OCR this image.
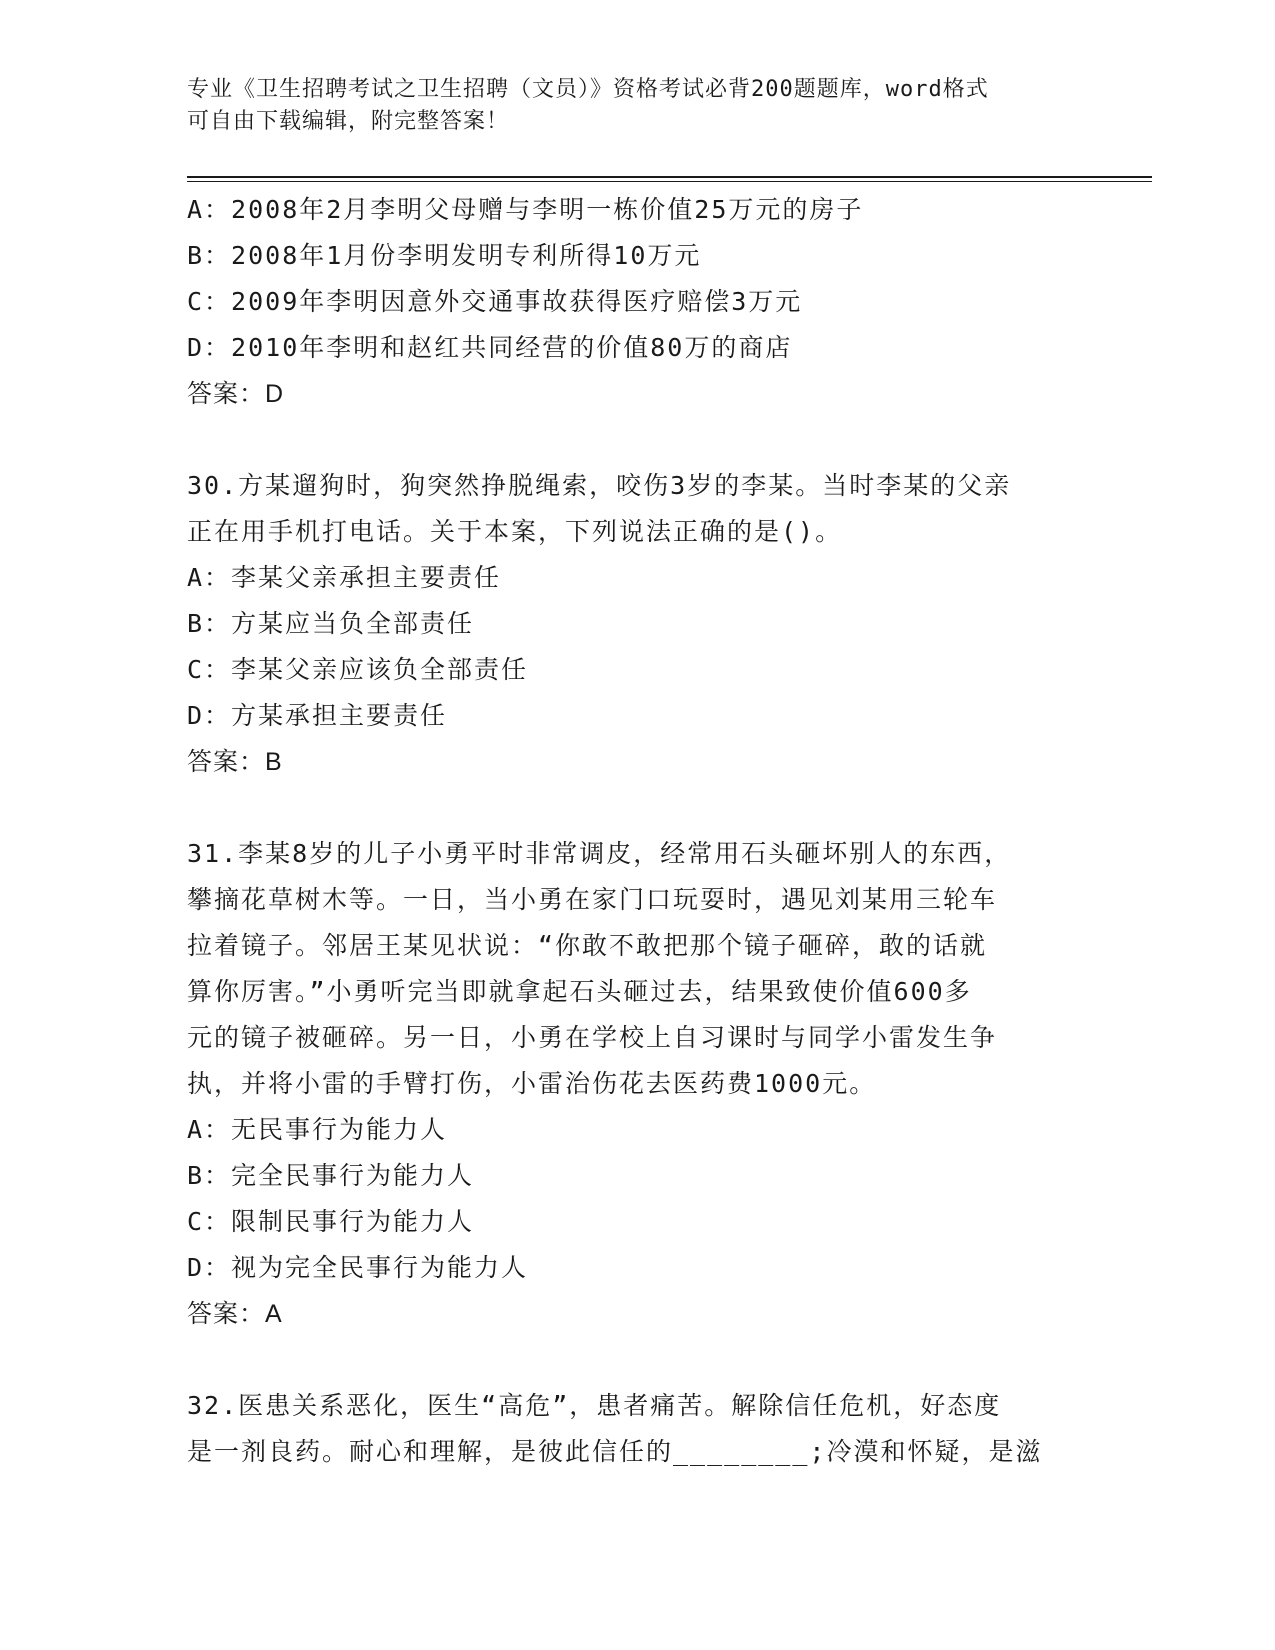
专业《卫生招聘考试之卫生招聘（文员）》资格考试必背200题题库，word格式
可自由下载编辑，附完整答案！
A：2008年2月李明父母赠与李明一栋价值25万元的房子
B：2008年1月份李明发明专利所得10万元
C：2009年李明因意外交通事故获得医疗赔偿3万元
D：2010年李明和赵红共同经营的价值80万的商店
答案：D
30.方某遛狗时，狗突然挣脱绳索，咬伤3岁的李某。当时李某的父亲
正在用手机打电话。关于本案，下列说法正确的是()。
A：李某父亲承担主要责任
B：方某应当负全部责任
C：李某父亲应该负全部责任
D：方某承担主要责任
答案：B
31.李某8岁的儿子小勇平时非常调皮，经常用石头砸坏别人的东西，
攀摘花草树木等。一日，当小勇在家门口玩耍时，遇见刘某用三轮车
拉着镜子。邻居王某见状说：“你敢不敢把那个镜子砸碎，敢的话就
算你厉害。”小勇听完当即就拿起石头砸过去，结果致使价值600多
元的镜子被砸碎。另一日，小勇在学校上自习课时与同学小雷发生争
执，并将小雷的手臂打伤，小雷治伤花去医药费1000元。
A：无民事行为能力人
B：完全民事行为能力人
C：限制民事行为能力人
D：视为完全民事行为能力人
答案：A
32.医患关系恶化，医生“高危”，患者痛苦。解除信任危机，好态度
是一剂良药。耐心和理解，是彼此信任的________;冷漠和怀疑，是滋
